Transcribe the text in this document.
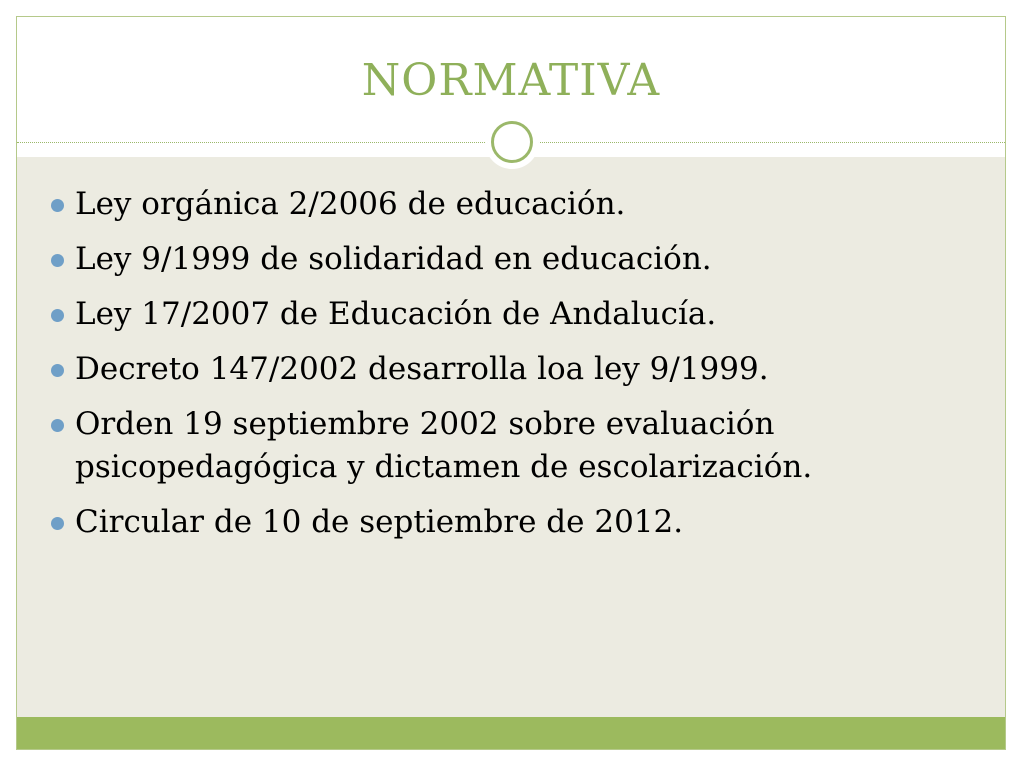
NORMATIVA
Ley orgánica 2/2006 de educación.
Ley 9/1999 de solidaridad en educación.
Ley 17/2007 de Educación de Andalucía.
Decreto 147/2002 desarrolla loa ley 9/1999.
Orden 19 septiembre 2002 sobre evaluación psicopedagógica y dictamen de escolarización.
Circular de 10 de septiembre de 2012.
